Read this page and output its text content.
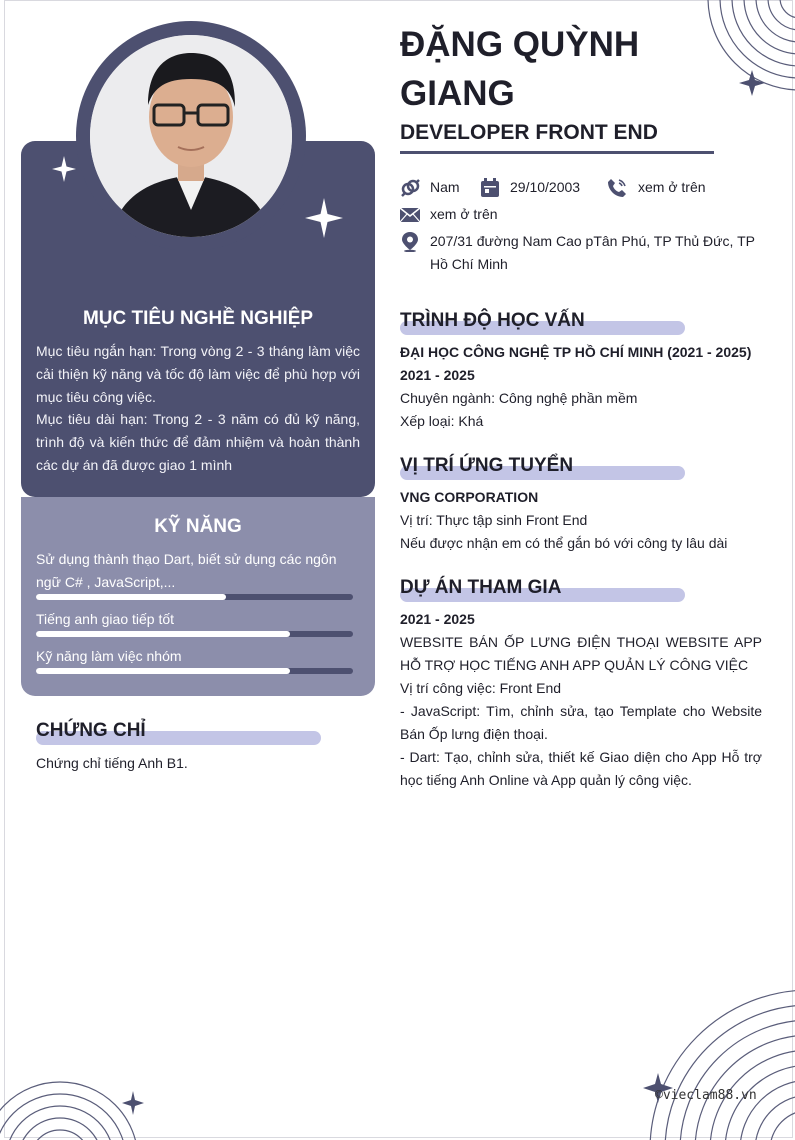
MỤC TIÊU NGHỀ NGHIỆP
Mục tiêu ngắn hạn: Trong vòng 2 - 3 tháng làm việc cải thiện kỹ năng và tốc độ làm việc để phù hợp với mục tiêu công việc.
Mục tiêu dài hạn: Trong 2 - 3 năm có đủ kỹ năng, trình độ và kiến thức để đảm nhiệm và hoàn thành các dự án đã được giao 1 mình
KỸ NĂNG
Sử dụng thành thạo Dart, biết sử dụng các ngôn ngữ C# , JavaScript,...
Tiếng anh giao tiếp tốt
Kỹ năng làm việc nhóm
CHỨNG CHỈ
Chứng chỉ tiếng Anh B1.
ĐẶNG QUỲNH GIANG
DEVELOPER FRONT END
Nam	29/10/2003	xem ở trên
xem ở trên
207/31 đường Nam Cao pTân Phú, TP Thủ Đức, TP Hồ Chí Minh
TRÌNH ĐỘ HỌC VẤN
ĐẠI HỌC CÔNG NGHỆ TP HỒ CHÍ MINH (2021 - 2025)
2021 - 2025
Chuyên ngành: Công nghệ phần mềm
Xếp loại: Khá
VỊ TRÍ ỨNG TUYỂN
VNG CORPORATION
Vị trí: Thực tập sinh Front End
Nếu được nhận em có thể gắn bó với công ty lâu dài
DỰ ÁN THAM GIA
2021 - 2025
WEBSITE BÁN ỐP LƯNG ĐIỆN THOẠI WEBSITE APP HỖ TRỢ HỌC TIẾNG ANH APP QUẢN LÝ CÔNG VIỆC
Vị trí công việc: Front End
- JavaScript: Tìm, chỉnh sửa, tạo Template cho Website Bán Ốp lưng điện thoại.
- Dart: Tạo, chỉnh sửa, thiết kế Giao diện cho App Hỗ trợ học tiếng Anh Online và App quản lý công việc.
©vieclam88.vn
